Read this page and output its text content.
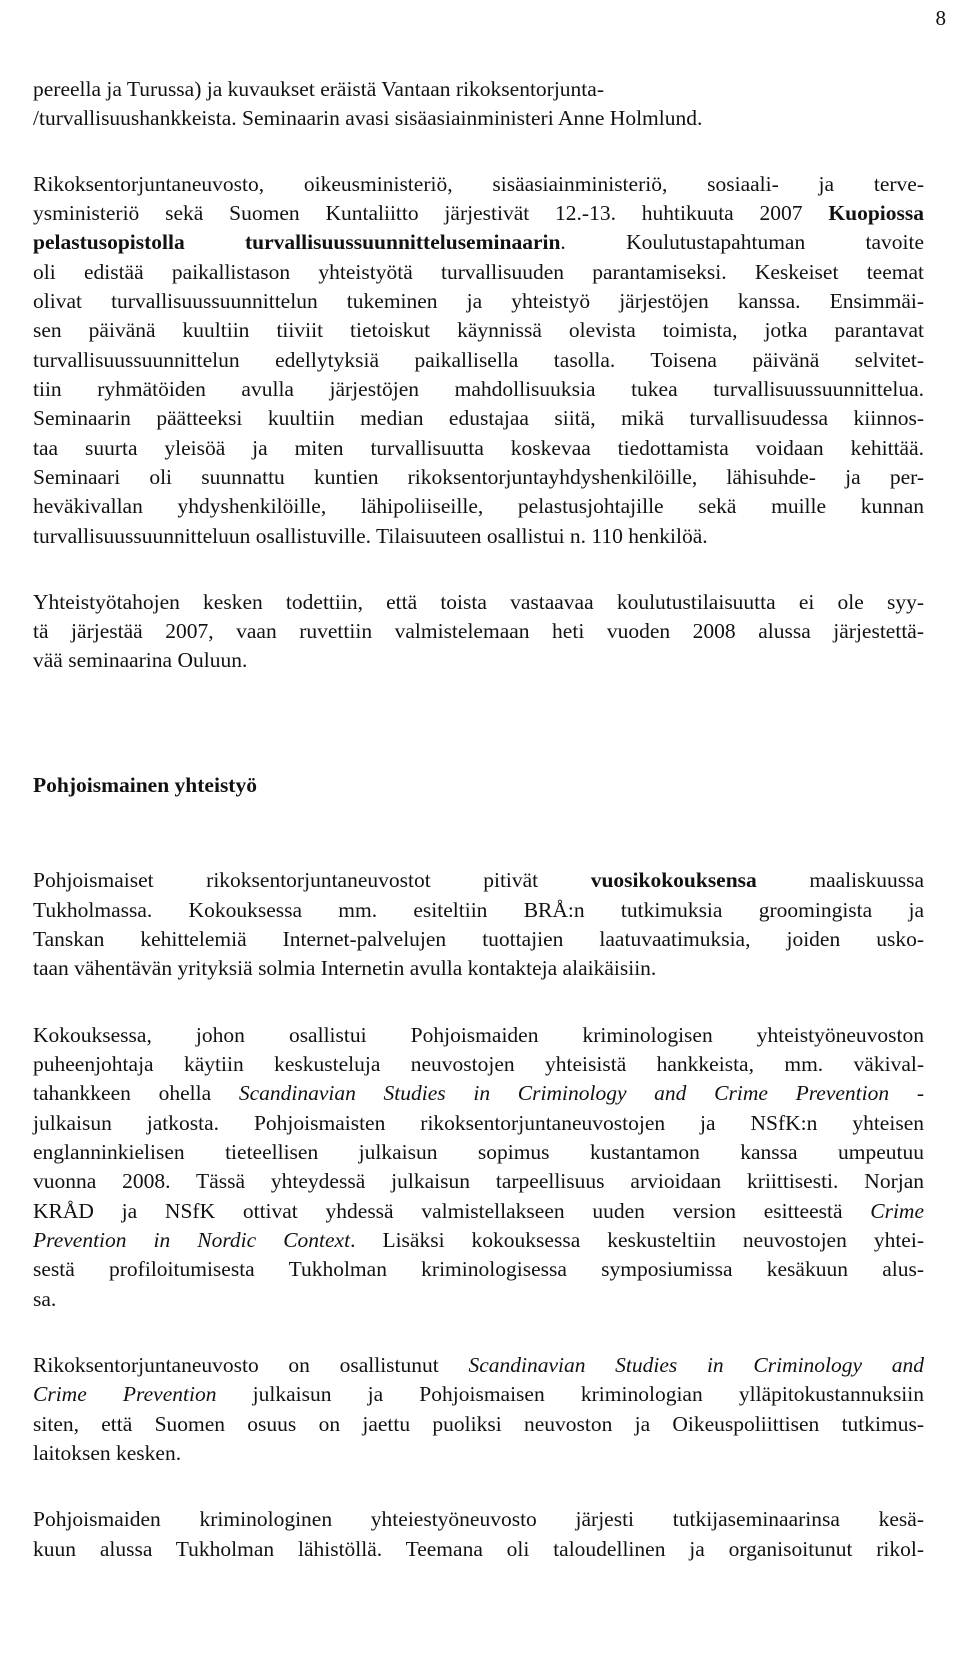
8
pereella ja Turussa) ja kuvaukset eräistä Vantaan rikoksentorjunta-
/turvallisuushankkeista. Seminaarin avasi sisäasiainministeri Anne Holmlund.
Rikoksentorjuntaneuvosto, oikeusministeriö, sisäasiainministeriö, sosiaali- ja terve-
ysministeriö sekä Suomen Kuntaliitto järjestivät 12.-13. huhtikuuta 2007 Kuopiossa
pelastusopistolla turvallisuussuunnitteluseminaarin. Koulutustapahtuman tavoite
oli edistää paikallistason yhteistyötä turvallisuuden parantamiseksi. Keskeiset teemat
olivat turvallisuussuunnittelun tukeminen ja yhteistyö järjestöjen kanssa. Ensimmäi-
sen päivänä kuultiin tiiviit tietoiskut käynnissä olevista toimista, jotka parantavat
turvallisuussuunnittelun edellytyksiä paikallisella tasolla. Toisena päivänä selvitet-
tiin ryhmätöiden avulla järjestöjen mahdollisuuksia tukea turvallisuussuunnittelua.
Seminaarin päätteeksi kuultiin median edustajaa siitä, mikä turvallisuudessa kiinnos-
taa suurta yleisöä ja miten turvallisuutta koskevaa tiedottamista voidaan kehittää.
Seminaari oli suunnattu kuntien rikoksentorjuntayhdyshenkilöille, lähisuhde- ja per-
heväkivallan yhdyshenkilöille, lähipoliiseille, pelastusjohtajille sekä muille kunnan
turvallisuussuunnitteluun osallistuville. Tilaisuuteen osallistui n. 110 henkilöä.
Yhteistyötahojen kesken todettiin, että toista vastaavaa koulutustilaisuutta ei ole syy-
tä järjestää 2007, vaan ruvettiin valmistelemaan heti vuoden 2008 alussa järjestettä-
vää seminaarina Ouluun.
Pohjoismainen yhteistyö
Pohjoismaiset rikoksentorjuntaneuvostot pitivät vuosikokouksensa maaliskuussa
Tukholmassa. Kokouksessa mm. esiteltiin BRÅ:n tutkimuksia groomingista ja
Tanskan kehittelemiä Internet-palvelujen tuottajien laatuvaatimuksia, joiden usko-
taan vähentävän yrityksiä solmia Internetin avulla kontakteja alaikäisiin.
Kokouksessa, johon osallistui Pohjoismaiden kriminologisen yhteistyöneuvoston
puheenjohtaja käytiin keskusteluja neuvostojen yhteisistä hankkeista, mm. väkival-
tahankkeen ohella Scandinavian Studies in Criminology and Crime Prevention -
julkaisun jatkosta. Pohjoismaisten rikoksentorjuntaneuvostojen ja NSfK:n yhteisen
englanninkielisen tieteellisen julkaisun sopimus kustantamon kanssa umpeutuu
vuonna 2008. Tässä yhteydessä julkaisun tarpeellisuus arvioidaan kriittisesti. Norjan
KRÅD ja NSfK ottivat yhdessä valmistellakseen uuden version esitteestä Crime
Prevention in Nordic Context. Lisäksi kokouksessa keskusteltiin neuvostojen yhtei-
sestä profiloitumisesta Tukholman kriminologisessa symposiumissa kesäkuun alus-
sa.
Rikoksentorjuntaneuvosto on osallistunut Scandinavian Studies in Criminology and
Crime Prevention julkaisun ja Pohjoismaisen kriminologian ylläpitokustannuksiin
siten, että Suomen osuus on jaettu puoliksi neuvoston ja Oikeuspoliittisen tutkimus-
laitoksen kesken.
Pohjoismaiden kriminologinen yhteiestyöneuvosto järjesti tutkijaseminaarinsa kesä-
kuun alussa Tukholman lähistöllä. Teemana oli taloudellinen ja organisoitunut rikol-
